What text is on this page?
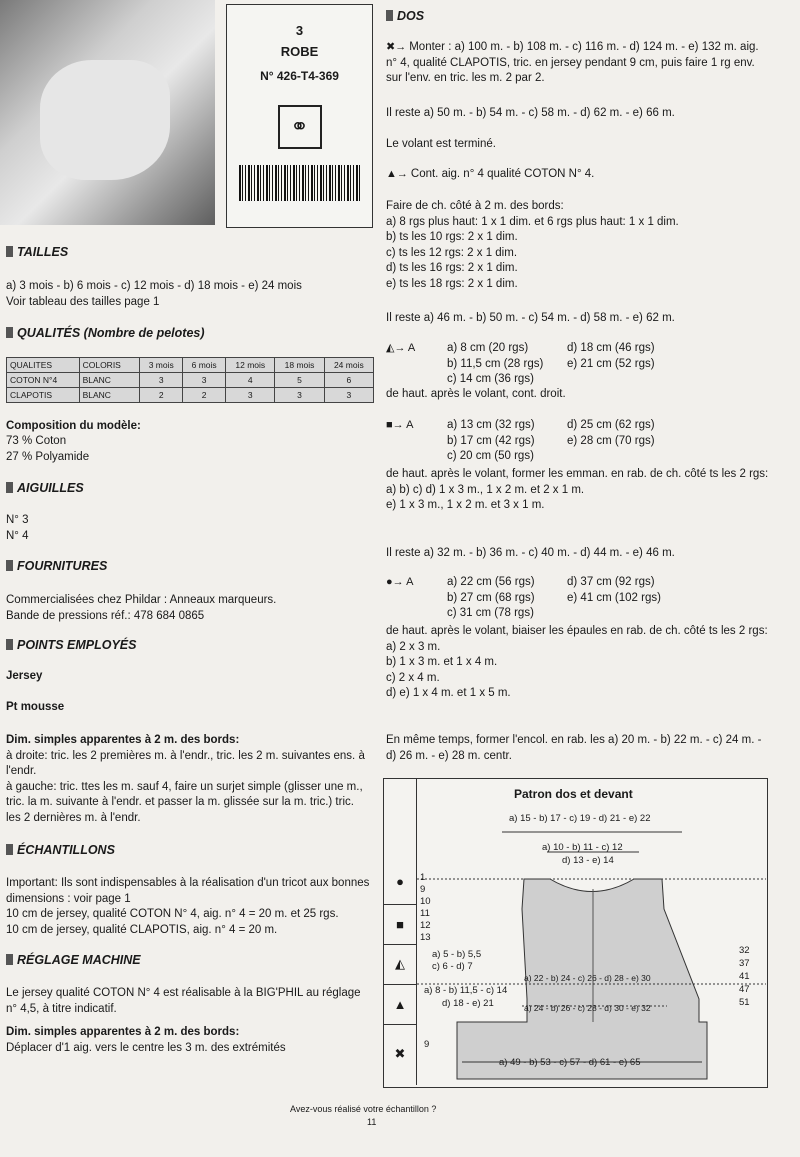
3
ROBE
N° 426-T4-369
⚭
TAILLES
a) 3 mois - b) 6 mois - c) 12 mois - d) 18 mois - e) 24 mois
Voir tableau des tailles page 1
QUALITÉS (Nombre de pelotes)
QUALITES	COLORIS	3 mois	6 mois	12 mois	18 mois	24 mois
COTON N°4	BLANC	3	3	4	5	6
CLAPOTIS	BLANC	2	2	3	3	3
Composition du modèle:
73 % Coton
27 % Polyamide
AIGUILLES
N° 3
N° 4
FOURNITURES
Commercialisées chez Phildar : Anneaux marqueurs.
Bande de pressions réf.: 478 684 0865
POINTS EMPLOYÉS
Jersey
Pt mousse
Dim. simples apparentes à 2 m. des bords:
à droite: tric. les 2 premières m. à l'endr., tric. les 2 m. suivantes ens. à l'endr.
à gauche: tric. ttes les m. sauf 4, faire un surjet simple (glisser une m., tric. la m. suivante à l'endr. et passer la m. glissée sur la m. tric.) tric. les 2 dernières m. à l'endr.
ÉCHANTILLONS
Important: Ils sont indispensables à la réalisation d'un tricot aux bonnes dimensions : voir page 1
10 cm de jersey, qualité COTON N° 4, aig. n° 4 = 20 m. et 25 rgs.
10 cm de jersey, qualité CLAPOTIS, aig. n° 4 = 20 m.
RÉGLAGE MACHINE
Le jersey qualité COTON N° 4 est réalisable à la BIG'PHIL au réglage n° 4,5, à titre indicatif.
Dim. simples apparentes à 2 m. des bords:
Déplacer d'1 aig. vers le centre les 3 m. des extrémités
DOS
✖→ Monter : a) 100 m. - b) 108 m. - c) 116 m. - d) 124 m. - e) 132 m. aig. n° 4, qualité CLAPOTIS, tric. en jersey pendant 9 cm, puis faire 1 rg env. sur l'env. en tric. les m. 2 par 2.
Il reste a) 50 m. - b) 54 m. - c) 58 m. - d) 62 m. - e) 66 m.
Le volant est terminé.
▲→ Cont. aig. n° 4 qualité COTON N° 4.
Faire de ch. côté à 2 m. des bords:
a) 8 rgs plus haut: 1 x 1 dim. et 6 rgs plus haut: 1 x 1 dim.
b) ts les 10 rgs: 2 x 1 dim.
c) ts les 12 rgs: 2 x 1 dim.
d) ts les 16 rgs: 2 x 1 dim.
e) ts les 18 rgs: 2 x 1 dim.
Il reste a) 46 m. - b) 50 m. - c) 54 m. - d) 58 m. - e) 62 m.
◭→ A	a) 8 cm (20 rgs)	d) 18 cm (46 rgs)
b) 11,5 cm (28 rgs) e) 21 cm (52 rgs)
c) 14 cm (36 rgs)
de haut. après le volant, cont. droit.
■→ A	a) 13 cm (32 rgs)	d) 25 cm (62 rgs)
b) 17 cm (42 rgs)	e) 28 cm (70 rgs)
c) 20 cm (50 rgs)
de haut. après le volant, former les emman. en rab. de ch. côté ts les 2 rgs:
a) b) c) d) 1 x 3 m., 1 x 2 m. et 2 x 1 m.
e) 1 x 3 m., 1 x 2 m. et 3 x 1 m.
Il reste a) 32 m. - b) 36 m. - c) 40 m. - d) 44 m. - e) 46 m.
●→ A	a) 22 cm (56 rgs)	d) 37 cm (92 rgs)
b) 27 cm (68 rgs)	e) 41 cm (102 rgs)
c) 31 cm (78 rgs)
de haut. après le volant, biaiser les épaules en rab. de ch. côté ts les 2 rgs:
a) 2 x 3 m.
b) 1 x 3 m. et 1 x 4 m.
c) 2 x 4 m.
d) e) 1 x 4 m. et 1 x 5 m.
En même temps, former l'encol. en rab. les a) 20 m. - b) 22 m. - c) 24 m. - d) 26 m. - e) 28 m. centr.
●
■
◭
▲
✖
Patron dos et devant
a) 15 - b) 17 - c) 19 - d) 21 - e) 22
a) 10 - b) 11 - c) 12
d) 13 - e) 14
1
9
10
11
12
13
a) 5 - b) 5,5
c) 6 - d) 7
a) 8 - b) 11,5 - c) 14
d) 18 - e) 21
a) 22 - b) 24 - c) 26 - d) 28 - e) 30
a) 24 - b) 26 - c) 28 - d) 30 - e) 32
32
37
41
47
51
9
a) 49 - b) 53 - c) 57 - d) 61 - e) 65
Avez-vous réalisé votre échantillon ?
11
